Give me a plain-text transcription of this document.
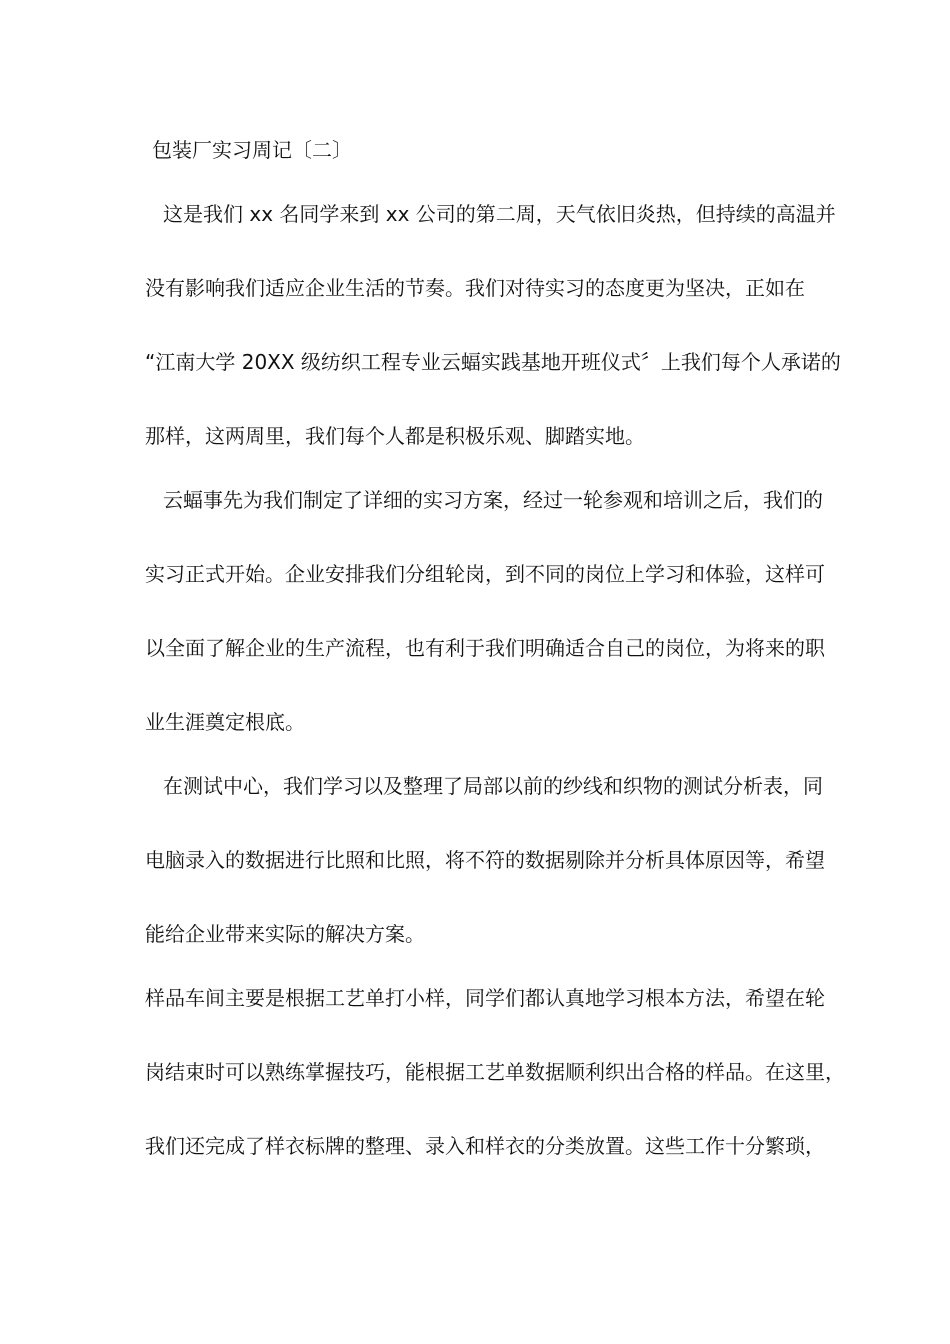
包装厂实习周记〔二〕
这是我们 xx 名同学来到 xx 公司的第二周，天气依旧炎热，但持续的高温并
没有影响我们适应企业生活的节奏。我们对待实习的态度更为坚决，正如在
“江南大学 20XX 级纺织工程专业云蝠实践基地开班仪式〞上我们每个人承诺的
那样，这两周里，我们每个人都是积极乐观、脚踏实地。
云蝠事先为我们制定了详细的实习方案，经过一轮参观和培训之后，我们的
实习正式开始。企业安排我们分组轮岗，到不同的岗位上学习和体验，这样可
以全面了解企业的生产流程，也有利于我们明确适合自己的岗位，为将来的职
业生涯奠定根底。
在测试中心，我们学习以及整理了局部以前的纱线和织物的测试分析表，同
电脑录入的数据进行比照和比照，将不符的数据剔除并分析具体原因等，希望
能给企业带来实际的解决方案。
样品车间主要是根据工艺单打小样，同学们都认真地学习根本方法，希望在轮
岗结束时可以熟练掌握技巧，能根据工艺单数据顺利织出合格的样品。在这里，
我们还完成了样衣标牌的整理、录入和样衣的分类放置。这些工作十分繁琐，
